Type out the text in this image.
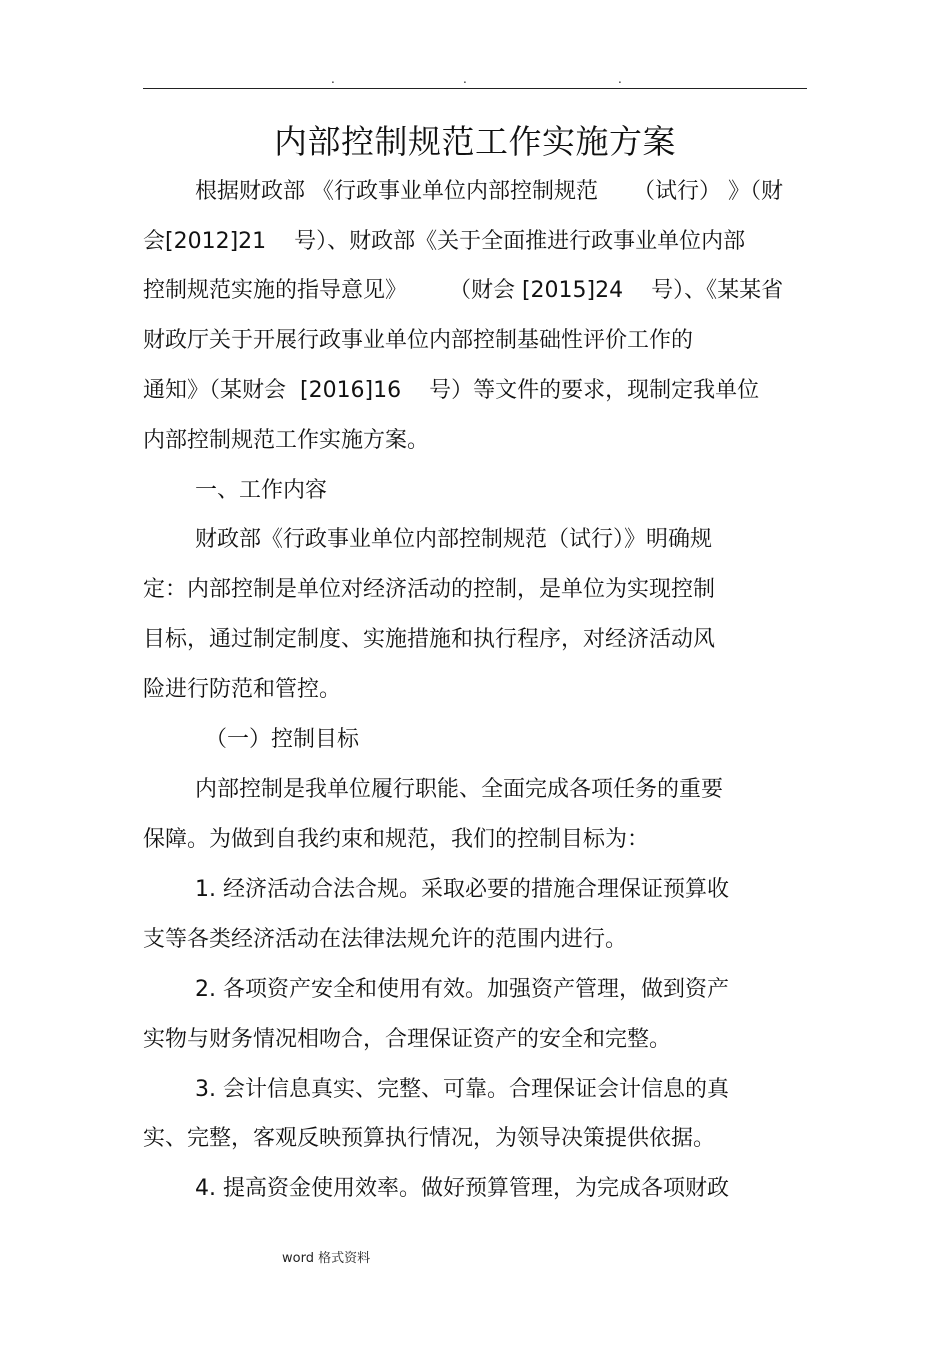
.	.	.
内部控制规范工作实施方案
根据财政部 《行政事业单位内部控制规范     （试行） 》（财
会[2012]21    号）、财政部《关于全面推进行政事业单位内部
控制规范实施的指导意见》      （财会 [2015]24    号）、《某某省
财政厅关于开展行政事业单位内部控制基础性评价工作的
通知》（某财会  [2016]16    号）等文件的要求，现制定我单位
内部控制规范工作实施方案。
一、工作内容
财政部《行政事业单位内部控制规范（试行）》明确规
定：内部控制是单位对经济活动的控制，是单位为实现控制
目标，通过制定制度、实施措施和执行程序，对经济活动风
险进行防范和管控。
（一）控制目标
内部控制是我单位履行职能、全面完成各项任务的重要
保障。为做到自我约束和规范，我们的控制目标为：
1. 经济活动合法合规。采取必要的措施合理保证预算收
支等各类经济活动在法律法规允许的范围内进行。
2. 各项资产安全和使用有效。加强资产管理，做到资产
实物与财务情况相吻合，合理保证资产的安全和完整。
3. 会计信息真实、完整、可靠。合理保证会计信息的真
实、完整，客观反映预算执行情况，为领导决策提供依据。
4. 提高资金使用效率。做好预算管理，为完成各项财政
word 格式资料
